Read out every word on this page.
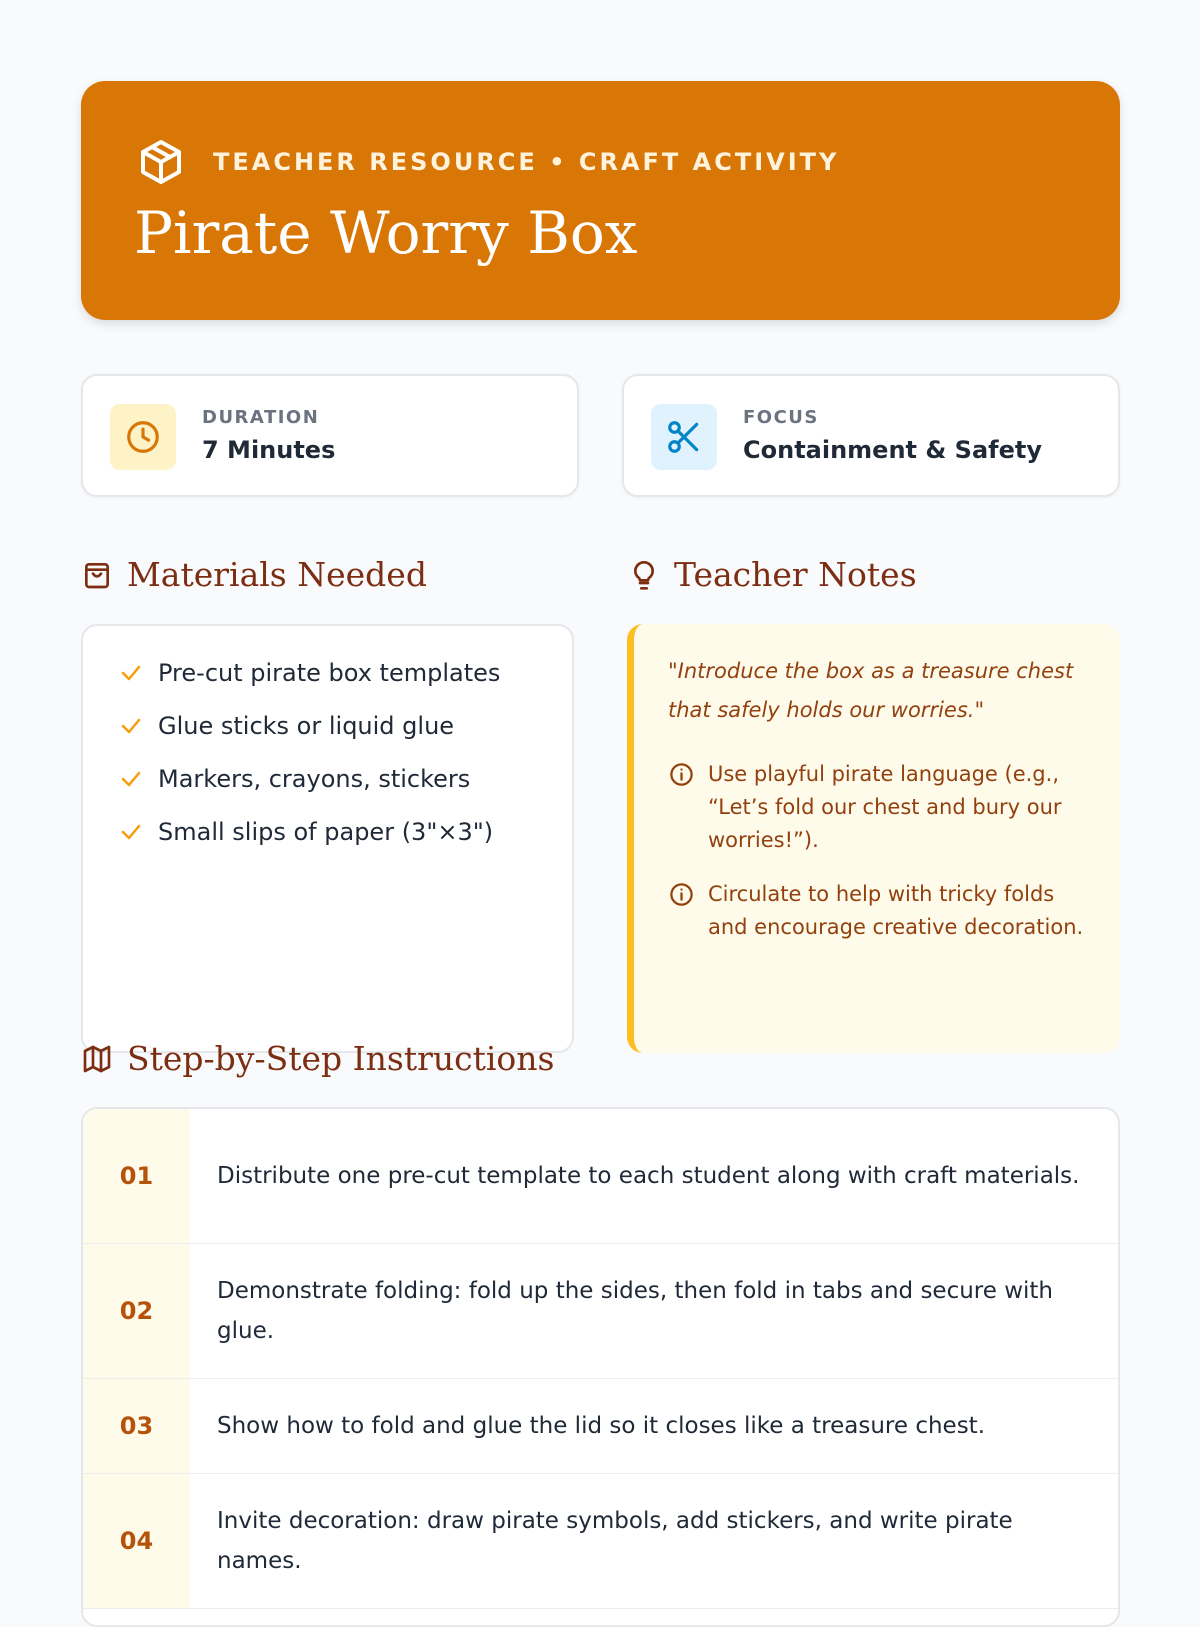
TEACHER RESOURCE • CRAFT ACTIVITY
Pirate Worry Box
DURATION
7 Minutes
FOCUS
Containment & Safety
Materials Needed
Pre-cut pirate box templates
Glue sticks or liquid glue
Markers, crayons, stickers
Small slips of paper (3"×3")
Teacher Notes
"Introduce the box as a treasure chest that safely holds our worries."
Use playful pirate language (e.g., “Let’s fold our chest and bury our worries!”).
Circulate to help with tricky folds and encourage creative decoration.
Step-by-Step Instructions
01	Distribute one pre-cut template to each student along with craft materials.
02
Demonstrate folding: fold up the sides, then fold in tabs and secure with glue.
03	Show how to fold and glue the lid so it closes like a treasure chest.
04
Invite decoration: draw pirate symbols, add stickers, and write pirate names.
